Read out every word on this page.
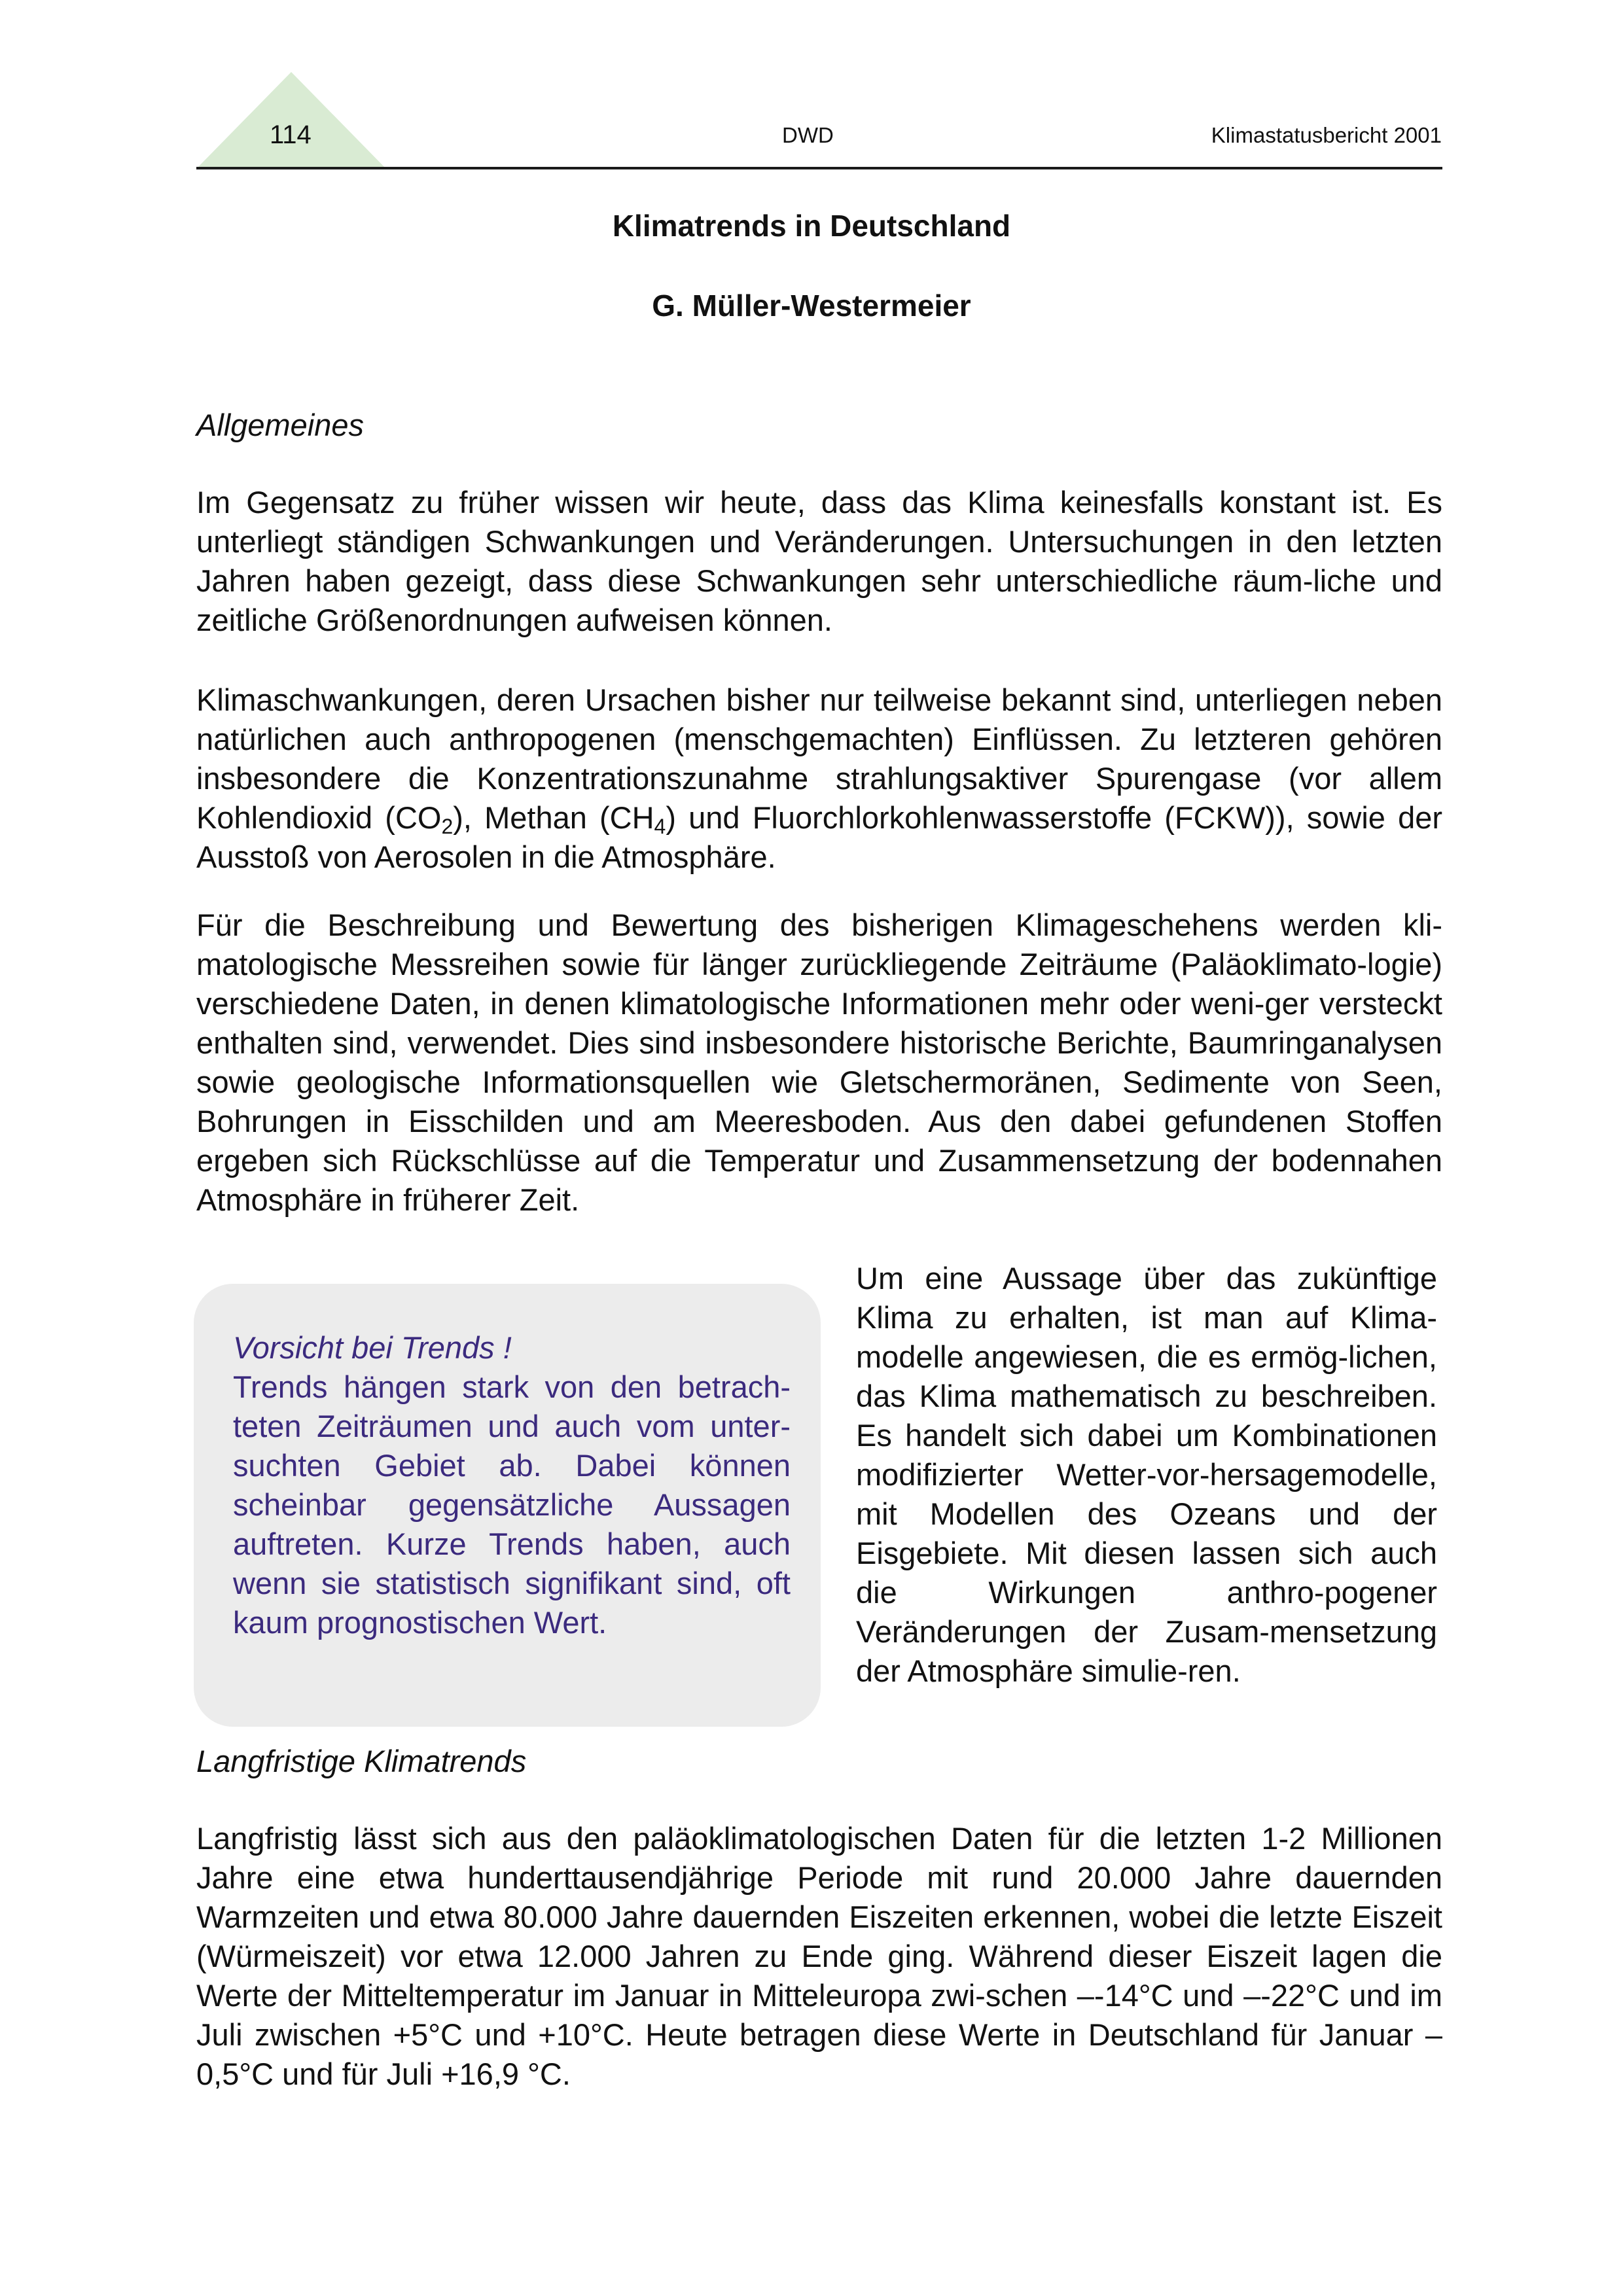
114	DWD	Klimastatusbericht 2001
Klimatrends in Deutschland
G. Müller-Westermeier
Allgemeines

Im Gegensatz zu früher wissen wir heute, dass das Klima keinesfalls konstant ist. Es unterliegt ständigen Schwankungen und Veränderungen. Untersuchungen in den letzten Jahren haben gezeigt, dass diese Schwankungen sehr unterschiedliche räum-liche und zeitliche Größenordnungen aufweisen können.

Klimaschwankungen, deren Ursachen bisher nur teilweise bekannt sind, unterliegen neben natürlichen auch anthropogenen (menschgemachten) Einflüssen. Zu letzteren gehören insbesondere die Konzentrationszunahme strahlungsaktiver Spurengase (vor allem Kohlendioxid $(CO_2)$, Methan $(CH_4)$ und Fluorchlorkohlenwasserstoffe (FCKW)), sowie der Ausstoß von Aerosolen in die Atmosphäre.

Für die Beschreibung und Bewertung des bisherigen Klimageschehens werden kli-matologische Messreihen sowie für länger zurückliegende Zeiträume (Paläoklimato-logie) verschiedene Daten, in denen klimatologische Informationen mehr oder weni-ger versteckt enthalten sind, verwendet. Dies sind insbesondere historische Berichte, Baumringanalysen sowie geologische Informationsquellen wie Gletschermoränen, Sedimente von Seen, Bohrungen in Eisschilden und am Meeresboden. Aus den dabei gefundenen Stoffen ergeben sich Rückschlüsse auf die Temperatur und Zusammensetzung der bodennahen Atmosphäre in früherer Zeit.

Um eine Aussage über das zukünftige Klima zu erhalten, ist man auf Klima-modelle angewiesen, die es ermög-lichen, das Klima mathematisch zu beschreiben. Es handelt sich dabei um Kombinationen modifizierter Wetter-vor-hersagemodelle, mit Modellen des Ozeans und der Eisgebiete. Mit diesen lassen sich auch die Wirkungen anthro-pogener Veränderungen der Zusam-mensetzung der Atmosphäre simulie-ren.

Vorsicht bei Trends !
Trends hängen stark von den betrach-teten Zeiträumen und auch vom unter-suchten Gebiet ab. Dabei können scheinbar gegensätzliche Aussagen auftreten. Kurze Trends haben, auch wenn sie statistisch signifikant sind, oft kaum prognostischen Wert.

Langfristige Klimatrends

Langfristig lässt sich aus den paläoklimatologischen Daten für die letzten 1-2 Millionen Jahre eine etwa hunderttausendjährige Periode mit rund 20.000 Jahre dauernden Warmzeiten und etwa 80.000 Jahre dauernden Eiszeiten erkennen, wobei die letzte Eiszeit (Würmeiszeit) vor etwa 12.000 Jahren zu Ende ging. Während dieser Eiszeit lagen die Werte der Mitteltemperatur im Januar in Mitteleuropa zwi-schen –-14°C und –-22°C und im Juli zwischen +5°C und +10°C. Heute betragen diese Werte in Deutschland für Januar –0,5°C und für Juli +16,9 °C.
